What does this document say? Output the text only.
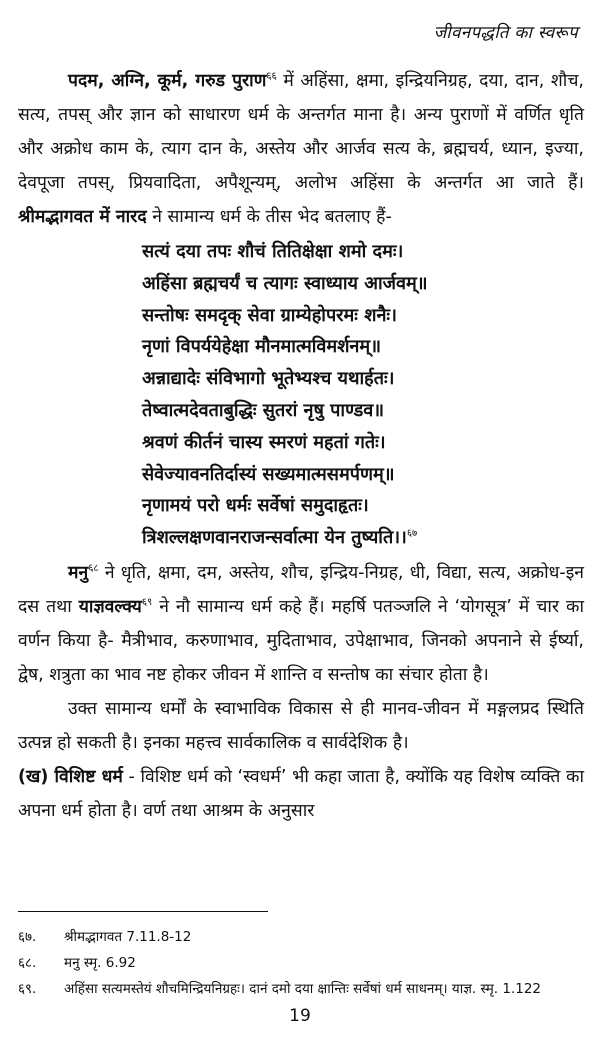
जीवनपद्धति का स्वरूप

पदम, अग्नि, कूर्म, गरुड पुराण$^{६६}$ में अहिंसा, क्षमा, इन्द्रियनिग्रह, दया, दान, शौच, सत्य, तपस् और ज्ञान को साधारण धर्म के अन्तर्गत माना है। अन्य पुराणों में वर्णित धृति और अक्रोध काम के, त्याग दान के, अस्तेय और आर्जव सत्य के, ब्रह्मचर्य, ध्यान, इज्या, देवपूजा तपस्, प्रियवादिता, अपैशून्यम्, अलोभ अहिंसा के अन्तर्गत आ जाते हैं। श्रीमद्भागवत में नारद ने सामान्य धर्म के तीस भेद बतलाए हैं-

सत्यं दया तपः शौचं तितिक्षेक्षा शमो दमः।
अहिंसा ब्रह्मचर्यं च त्यागः स्वाध्याय आर्जवम्॥
सन्तोषः समदृक् सेवा ग्राम्येहोपरमः शनैः।
नृणां विपर्ययेहेक्षा मौनमात्मविमर्शनम्॥
अन्नाद्यादेः संविभागो भूतेभ्यश्च यथार्हतः।
तेष्वात्मदेवताबुद्धिः सुतरां नृषु पाण्डव॥
श्रवणं कीर्तनं चास्य स्मरणं महतां गतेः।
सेवेज्यावनतिर्दास्यं सख्यमात्मसमर्पणम्॥
नृणामयं परो धर्मः सर्वेषां समुदाहृतः।
त्रिशल्लक्षणवानराजन्सर्वात्मा येन तुष्यति।।$^{६७}$

मनु$^{६८}$ ने धृति, क्षमा, दम, अस्तेय, शौच, इन्द्रिय-निग्रह, धी, विद्या, सत्य, अक्रोध-इन दस तथा याज्ञवल्क्य$^{६९}$ ने नौ सामान्य धर्म कहे हैं। महर्षि पतञ्जलि ने ‘योगसूत्र’ में चार का वर्णन किया है- मैत्रीभाव, करुणाभाव, मुदिताभाव, उपेक्षाभाव, जिनको अपनाने से ईर्ष्या, द्वेष, शत्रुता का भाव नष्ट होकर जीवन में शान्ति व सन्तोष का संचार होता है।

उक्त सामान्य धर्मों के स्वाभाविक विकास से ही मानव-जीवन में मङ्गलप्रद स्थिति उत्पन्न हो सकती है। इनका महत्त्व सार्वकालिक व सार्वदेशिक है।

(ख) विशिष्ट धर्म - विशिष्ट धर्म को ‘स्वधर्म’ भी कहा जाता है, क्योंकि यह विशेष व्यक्ति का अपना धर्म होता है। वर्ण तथा आश्रम के अनुसार

६७. श्रीमद्भागवत 7.11.8-12
६८. मनु स्मृ. 6.92
६९. अहिंसा सत्यमस्तेयं शौचमिन्द्रियनिग्रहः। दानं दमो दया क्षान्तिः सर्वेषां धर्म साधनम्। याज्ञ. स्मृ. 1.122
19
